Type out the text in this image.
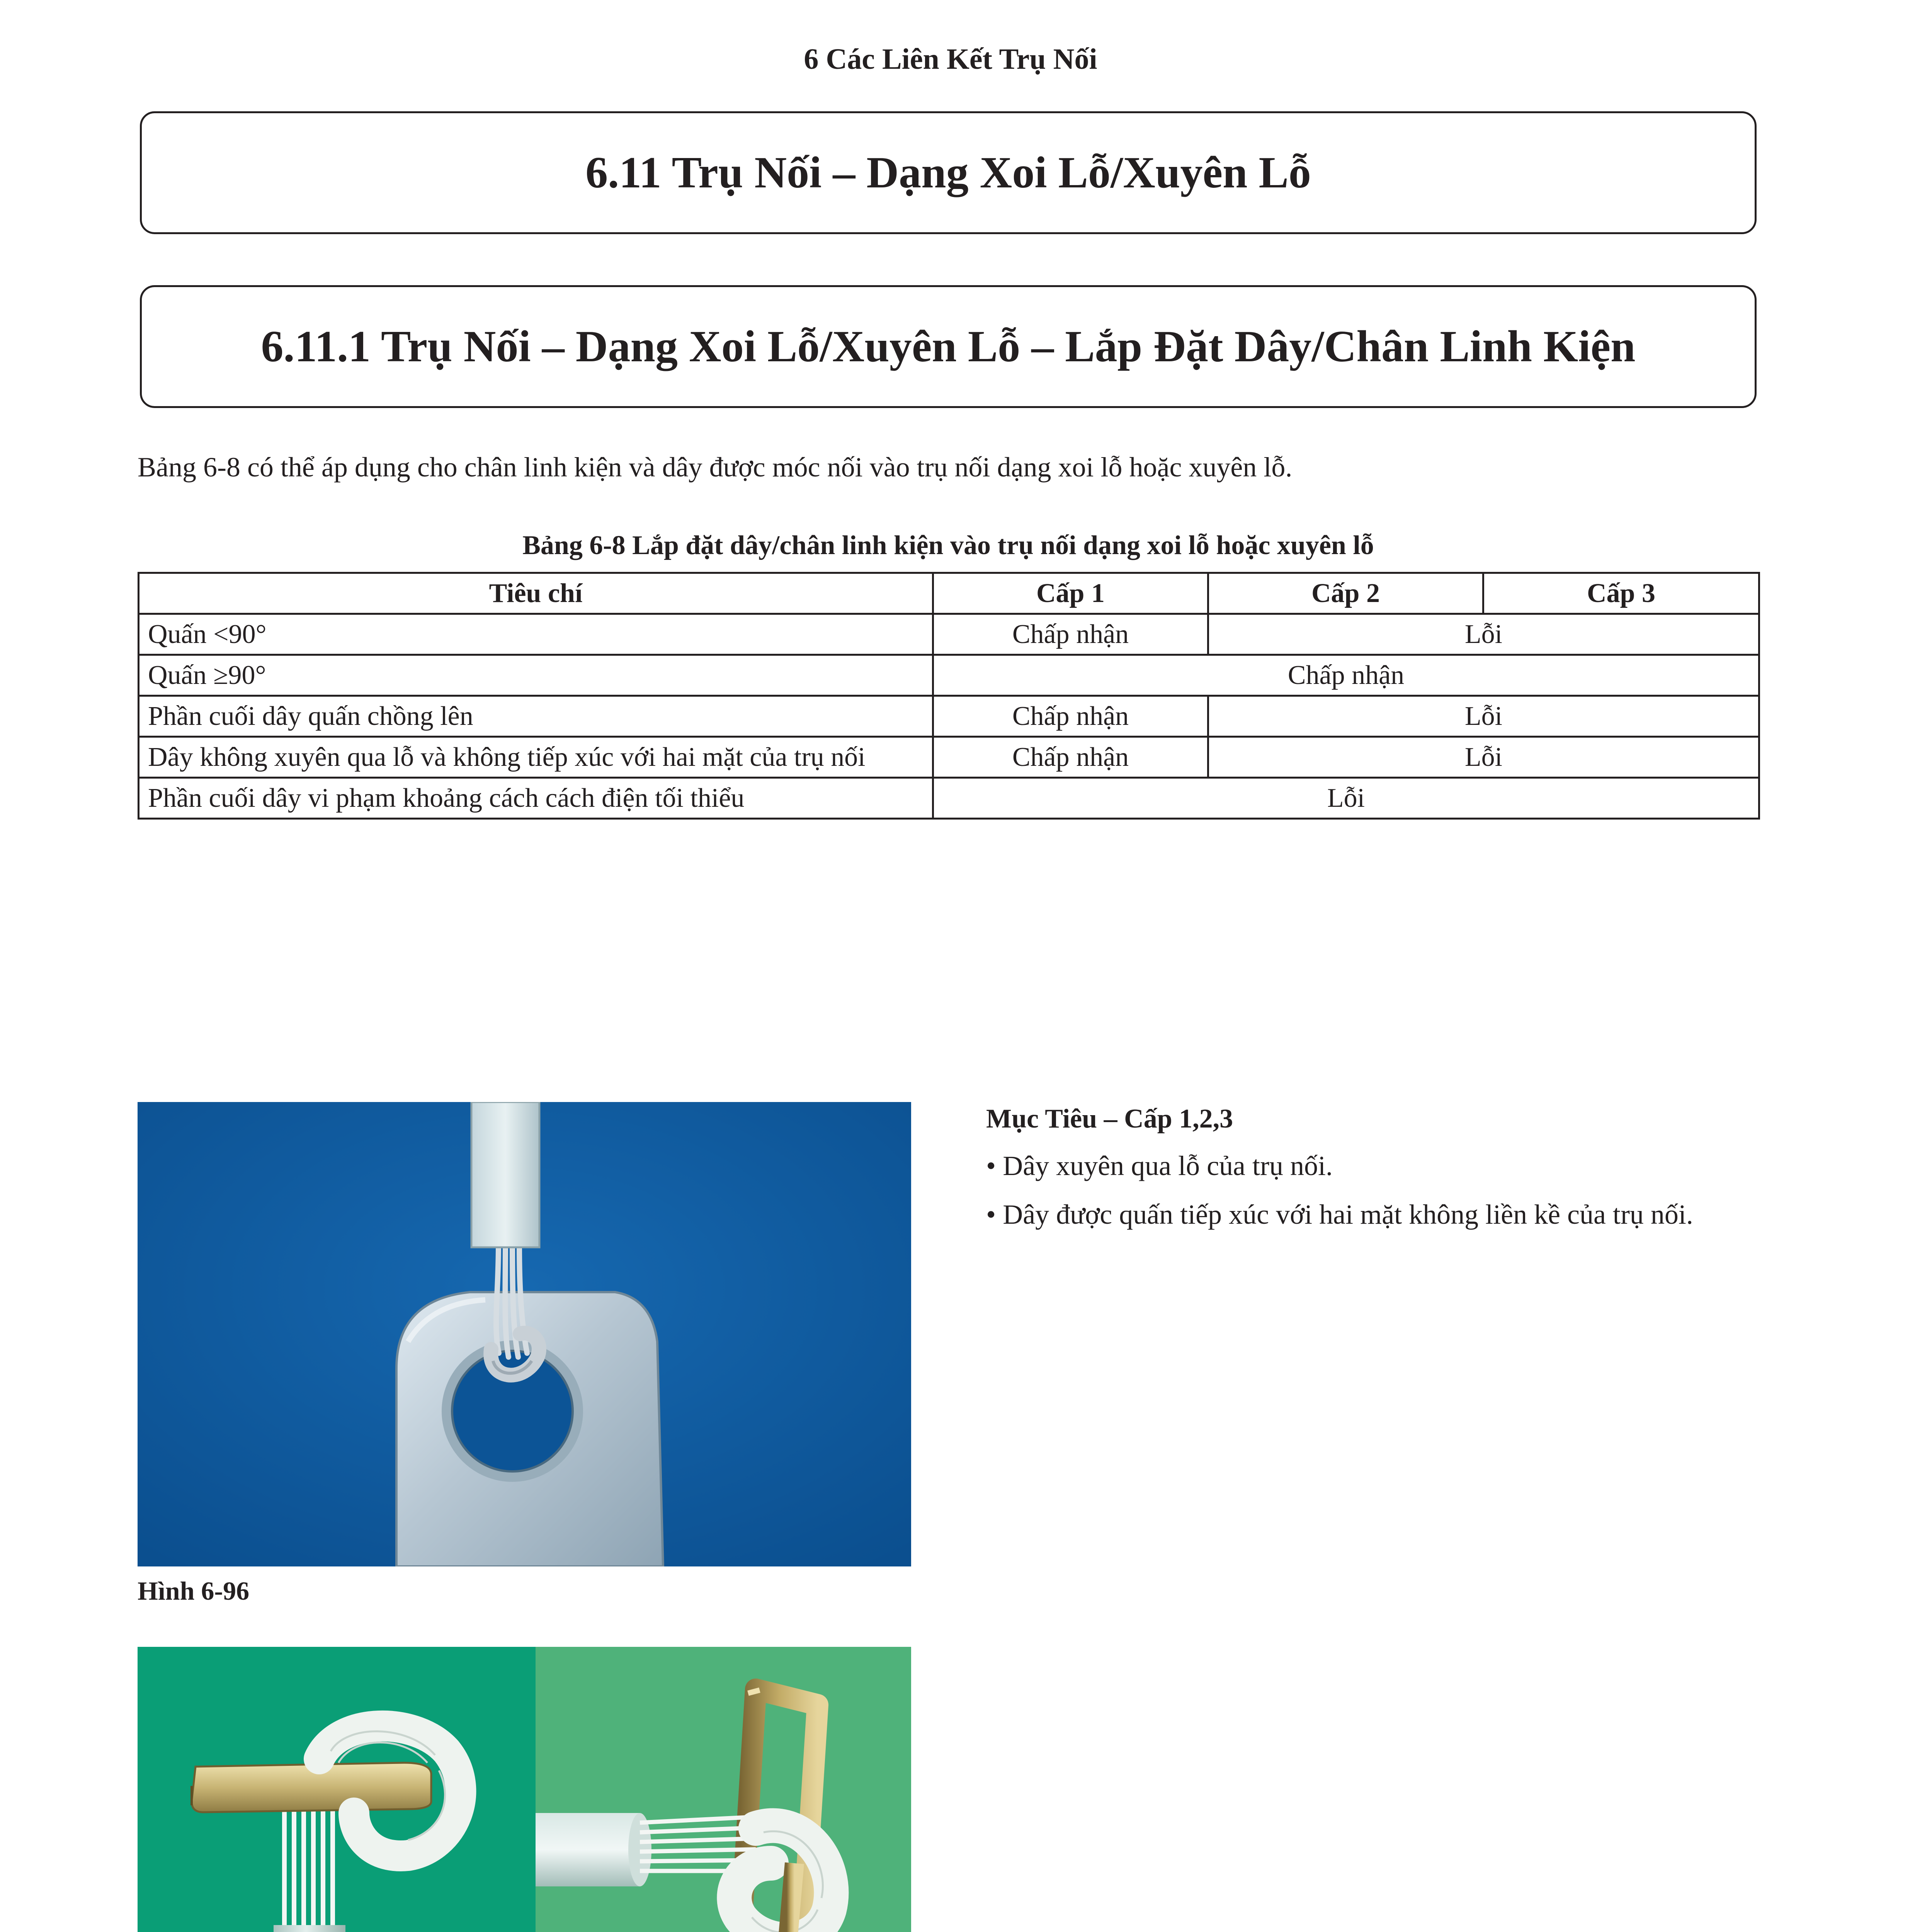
6 Các Liên Kết Trụ Nối
6.11 Trụ Nối – Dạng Xoi Lỗ/Xuyên Lỗ
6.11.1 Trụ Nối – Dạng Xoi Lỗ/Xuyên Lỗ – Lắp Đặt Dây/Chân Linh Kiện
Bảng 6-8 có thể áp dụng cho chân linh kiện và dây được móc nối vào trụ nối dạng xoi lỗ hoặc xuyên lỗ.
Bảng 6-8 Lắp đặt dây/chân linh kiện vào trụ nối dạng xoi lỗ hoặc xuyên lỗ
Tiêu chí	Cấp 1	Cấp 2	Cấp 3
Quấn <90°	Chấp nhận	Lỗi	
Quấn ≥90°	Chấp nhận		
Phần cuối dây quấn chồng lên	Chấp nhận	Lỗi	
Dây không xuyên qua lỗ và không tiếp xúc với hai mặt của trụ nối	Chấp nhận	Lỗi	
Phần cuối dây vi phạm khoảng cách cách điện tối thiểu	Lỗi		
Hình 6-96
Mục Tiêu – Cấp 1,2,3
• Dây xuyên qua lỗ của trụ nối.
• Dây được quấn tiếp xúc với hai mặt không liền kề của trụ nối.
